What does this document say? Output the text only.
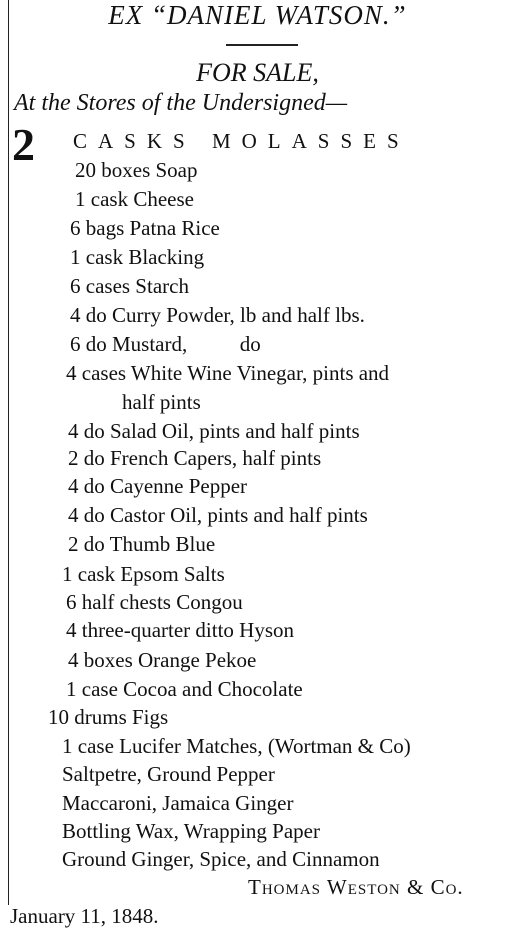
EX “DANIEL WATSON.”
FOR SALE,
At the Stores of the Undersigned—
2 CASKS MOLASSES
20 boxes Soap
1 cask Cheese
6 bags Patna Rice
1 cask Blacking
6 cases Starch
4 do Curry Powder, lb and half lbs.
6 do Mustard,          do
4 cases White Wine Vinegar, pints and
half pints
4 do Salad Oil, pints and half pints
2 do French Capers, half pints
4 do Cayenne Pepper
4 do Castor Oil, pints and half pints
2 do Thumb Blue
1 cask Epsom Salts
6 half chests Congou
4 three-quarter ditto Hyson
4 boxes Orange Pekoe
1 case Cocoa and Chocolate
10 drums Figs
1 case Lucifer Matches, (Wortman & Co)
Saltpetre, Ground Pepper
Maccaroni, Jamaica Ginger
Bottling Wax, Wrapping Paper
Ground Ginger, Spice, and Cinnamon
Thomas Weston & Co.
January 11, 1848.
